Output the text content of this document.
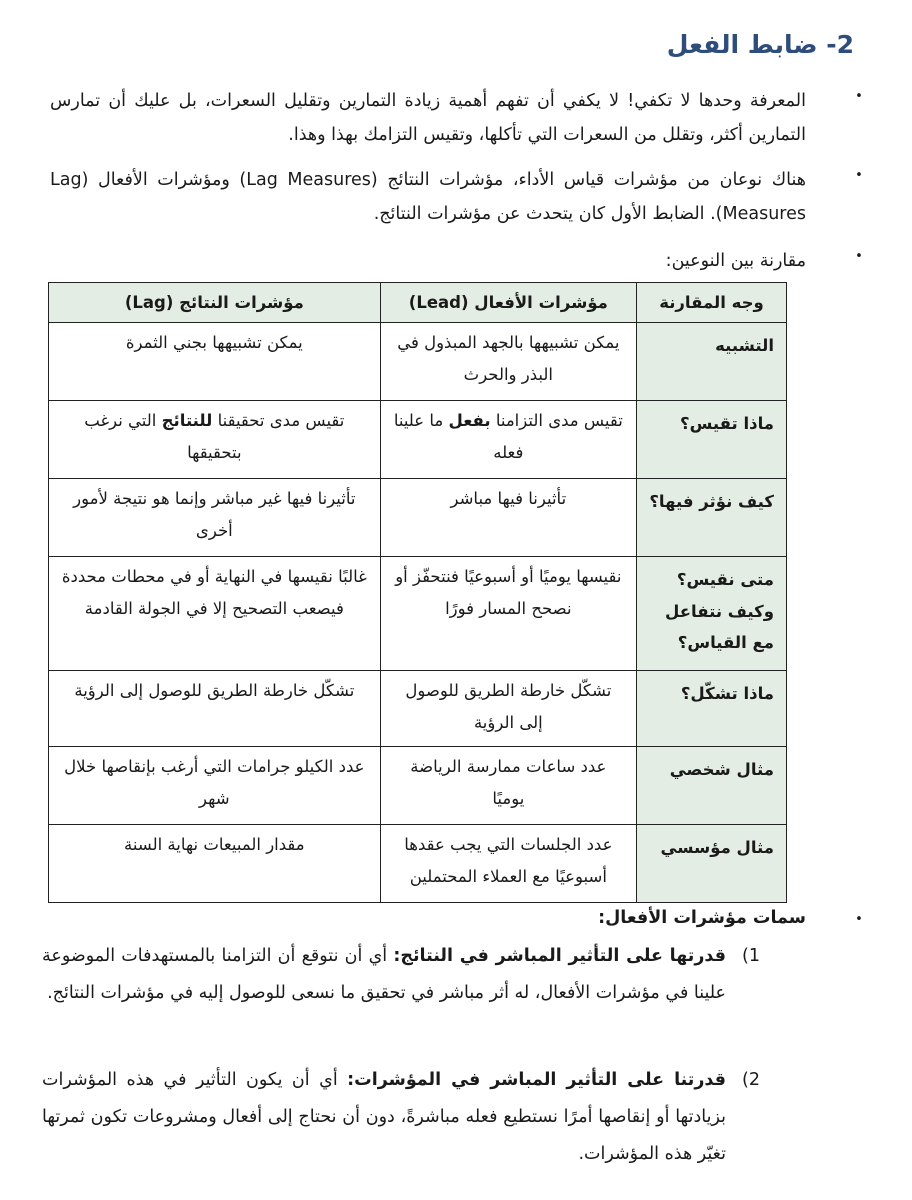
2- ضابط الفعل
•
المعرفة وحدها لا تكفي! لا يكفي أن تفهم أهمية زيادة التمارين وتقليل السعرات، بل عليك أن تمارس التمارين أكثر، وتقلل من السعرات التي تأكلها، وتقيس التزامك بهذا وهذا.
•
هناك نوعان من مؤشرات قياس الأداء، مؤشرات النتائج (Lag Measures) ومؤشرات الأفعال (Lag Measures). الضابط الأول كان يتحدث عن مؤشرات النتائج.
•
مقارنة بين النوعين:
وجه المقارنة	مؤشرات الأفعال (Lead)	مؤشرات النتائج (Lag)
التشبيه	يمكن تشبيهها بالجهد المبذول في البذر والحرث	يمكن تشبيهها بجني الثمرة
ماذا تقيس؟	تقيس مدى التزامنا بفعل ما علينا فعله	تقيس مدى تحقيقنا للنتائج التي نرغب بتحقيقها
كيف نؤثر فيها؟	تأثيرنا فيها مباشر	تأثيرنا فيها غير مباشر وإنما هو نتيجة لأمور أخرى
متى نقيس؟ وكيف نتفاعل مع القياس؟	نقيسها يوميًا أو أسبوعيًا فنتحفّز أو نصحح المسار فورًا	غالبًا نقيسها في النهاية أو في محطات محددة فيصعب التصحيح إلا في الجولة القادمة
ماذا تشكّل؟	تشكّل خارطة الطريق للوصول إلى الرؤية	تشكّل خارطة الطريق للوصول إلى الرؤية
مثال شخصي	عدد ساعات ممارسة الرياضة يوميًا	عدد الكيلو جرامات التي أرغب بإنقاصها خلال شهر
مثال مؤسسي	عدد الجلسات التي يجب عقدها أسبوعيًا مع العملاء المحتملين	مقدار المبيعات نهاية السنة
•سمات مؤشرات الأفعال:
1)
قدرتها على التأثير المباشر في النتائج: أي أن نتوقع أن التزامنا بالمستهدفات الموضوعة علينا في مؤشرات الأفعال، له أثر مباشر في تحقيق ما نسعى للوصول إليه في مؤشرات النتائج.
2)
قدرتنا على التأثير المباشر في المؤشرات: أي أن يكون التأثير في هذه المؤشرات بزيادتها أو إنقاصها أمرًا نستطيع فعله مباشرةً، دون أن نحتاج إلى أفعال ومشروعات تكون ثمرتها تغيّر هذه المؤشرات.
